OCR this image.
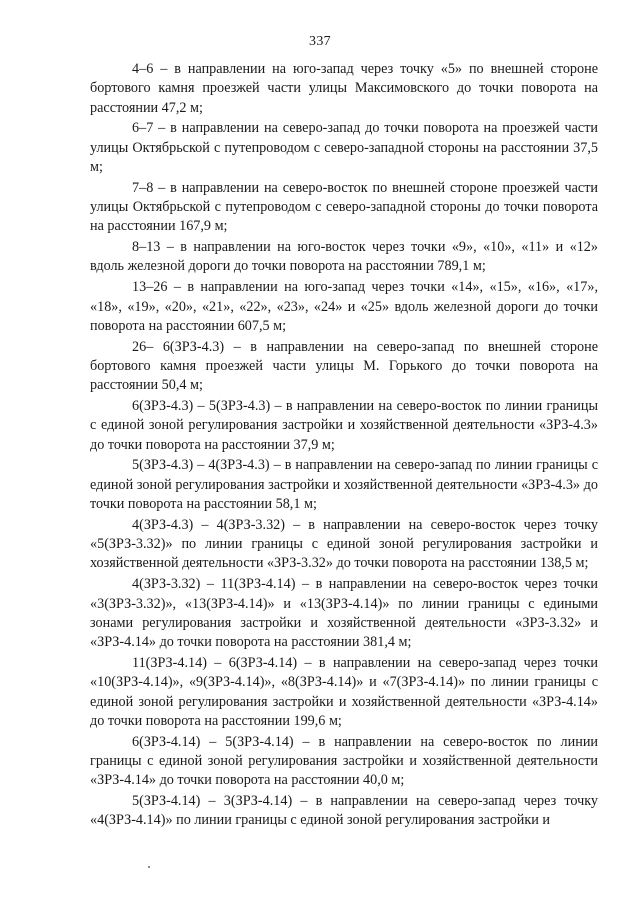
337

4–6 – в направлении на юго-запад через точку «5» по внешней стороне бортового камня проезжей части улицы Максимовского до точки поворота на расстоянии 47,2 м;

6–7 – в направлении на северо-запад до точки поворота на проезжей части улицы Октябрьской с путепроводом с северо-западной стороны на расстоянии 37,5 м;

7–8 – в направлении на северо-восток по внешней стороне проезжей части улицы Октябрьской с путепроводом с северо-западной стороны до точки поворота на расстоянии 167,9 м;

8–13 – в направлении на юго-восток через точки «9», «10», «11» и «12» вдоль железной дороги до точки поворота на расстоянии 789,1 м;

13–26 – в направлении на юго-запад через точки «14», «15», «16», «17», «18», «19», «20», «21», «22», «23», «24» и «25» вдоль железной дороги до точки поворота на расстоянии 607,5 м;

26– 6(ЗРЗ-4.3) – в направлении на северо-запад по внешней стороне бортового камня проезжей части улицы М. Горького до точки поворота на расстоянии 50,4 м;

6(ЗРЗ-4.3) – 5(ЗРЗ-4.3) – в направлении на северо-восток по линии границы с единой зоной регулирования застройки и хозяйственной деятельности «ЗРЗ-4.3» до точки поворота на расстоянии 37,9 м;

5(ЗРЗ-4.3) – 4(ЗРЗ-4.3) – в направлении на северо-запад по линии границы с единой зоной регулирования застройки и хозяйственной деятельности «ЗРЗ-4.3» до точки поворота на расстоянии 58,1 м;

4(ЗРЗ-4.3) – 4(ЗРЗ-3.32) – в направлении на северо-восток через точку «5(ЗРЗ-3.32)» по линии границы с единой зоной регулирования застройки и хозяйственной деятельности «ЗРЗ-3.32» до точки поворота на расстоянии 138,5 м;

4(ЗРЗ-3.32) – 11(ЗРЗ-4.14) – в направлении на северо-восток через точки «3(ЗРЗ-3.32)», «13(ЗРЗ-4.14)» и «13(ЗРЗ-4.14)» по линии границы с едиными зонами регулирования застройки и хозяйственной деятельности «ЗРЗ-3.32» и «ЗРЗ-4.14» до точки поворота на расстоянии 381,4 м;

11(ЗРЗ-4.14) – 6(ЗРЗ-4.14) – в направлении на северо-запад через точки «10(ЗРЗ-4.14)», «9(ЗРЗ-4.14)», «8(ЗРЗ-4.14)» и «7(ЗРЗ-4.14)» по линии границы с единой зоной регулирования застройки и хозяйственной деятельности «ЗРЗ-4.14» до точки поворота на расстоянии 199,6 м;

6(ЗРЗ-4.14) – 5(ЗРЗ-4.14) – в направлении на северо-восток по линии границы с единой зоной регулирования застройки и хозяйственной деятельности «ЗРЗ-4.14» до точки поворота на расстоянии 40,0 м;

5(ЗРЗ-4.14) – 3(ЗРЗ-4.14) – в направлении на северо-запад через точку «4(ЗРЗ-4.14)» по линии границы с единой зоной регулирования застройки и
